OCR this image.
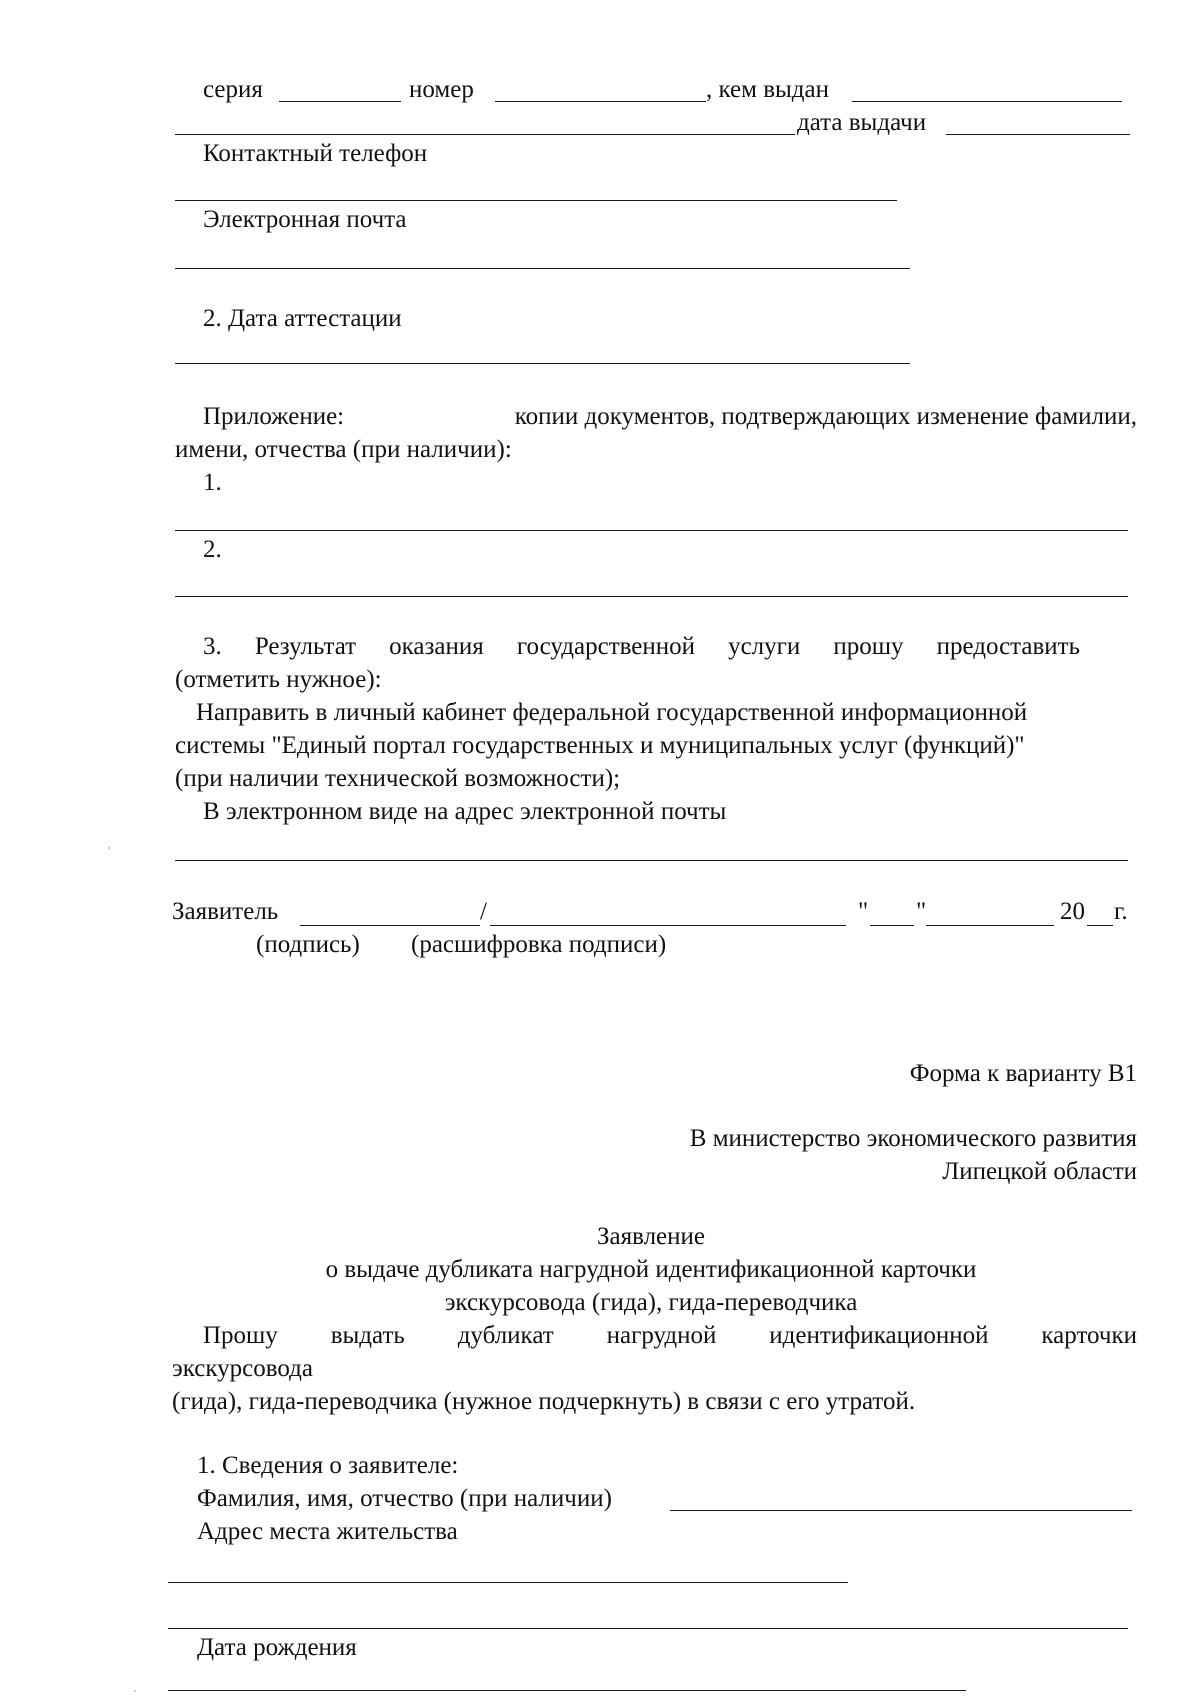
серия	номер	, кем выдан

дата выдачи

Контактный телефон

Электронная почта

2. Дата аттестации

Приложение:	копии документов, подтверждающих изменение фамилии,

имени, отчества (при наличии):

1.

2.

3. Результат оказания государственной услуги прошу предоставить

(отметить нужное):

Направить в личный кабинет федеральной государственной информационной

системы "Единый портал государственных и муниципальных услуг (функций)"

(при наличии технической возможности);

В электронном виде на адрес электронной почты

Заявитель	/	" "	20 г.

(подпись) (расшифровка подписи)

Форма к варианту В1

В министерство экономического развития

Липецкой области

Заявление

о выдаче дубликата нагрудной идентификационной карточки

экскурсовода (гида), гида-переводчика

Прошу выдать дубликат нагрудной идентификационной карточки

экскурсовода

(гида), гида-переводчика (нужное подчеркнуть) в связи с его утратой.

1. Сведения о заявителе:

Фамилия, имя, отчество (при наличии)

Адрес места жительства

Дата рождения
